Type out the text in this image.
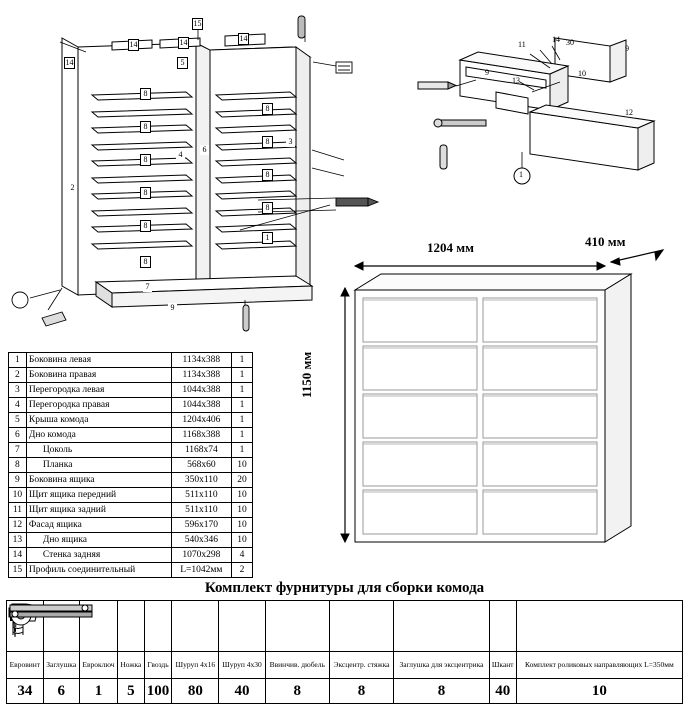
15
14	14	14
14	5
8
8
8
8
8
8
8
8
8
8
1
2
3
4
6
7
9
11
14 30
9
9
13
10
12
1
1	Боковина левая	1134х388	1
2	Боковина правая	1134х388	1
3	Перегородка левая	1044х388	1
4	Перегородка правая	1044х388	1
5	Крыша комода	1204х406	1
6	Дно комода	1168х388	1
7	Цоколь	1168х74	1
8	Планка	568х60	10
9	Боковина ящика	350х110	20
10	Щит ящика передний	511х110	10
11	Щит ящика задний	511х110	10
12	Фасад ящика	596х170	10
13	Дно ящика	540х346	10
14	Стенка задняя	1070х298	4
15	Профиль соединительный	L=1042мм	2
1204 мм	410 мм
1150 мм
Комплект фурнитуры для сборки комода

Евровинт	Заглушка	Евроключ	Ножка	Гвоздь	Шуруп 4х16	Шуруп 4х30	Ввинчив. дюбель	Эксцентр. стяжка	Заглушка для эксцентрика	Шкант	Комплект роликовых направляющих L=350мм

34	6	1	5	100	80	40	8	8	8	40	10
